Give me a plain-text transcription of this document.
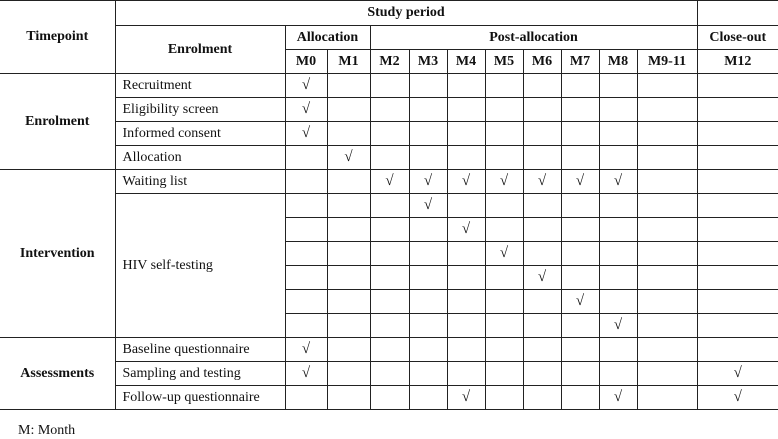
Timepoint	Study period											
	Enrolment	Allocation		Post-allocation								Close-out
		M0	M1	M2	M3	M4	M5	M6	M7	M8	M9-11	M12
Enrolment	Recruitment	√										
	Eligibility screen	√										
	Informed consent	√										
	Allocation		√									
Intervention	Waiting list			√	√	√	√	√	√	√		
	HIV self-testing				√							
						√						
							√					
								√				
									√			
										√		
Assessments	Baseline questionnaire	√										
	Sampling and testing	√										√
	Follow-up questionnaire					√				√		√
M: Month
